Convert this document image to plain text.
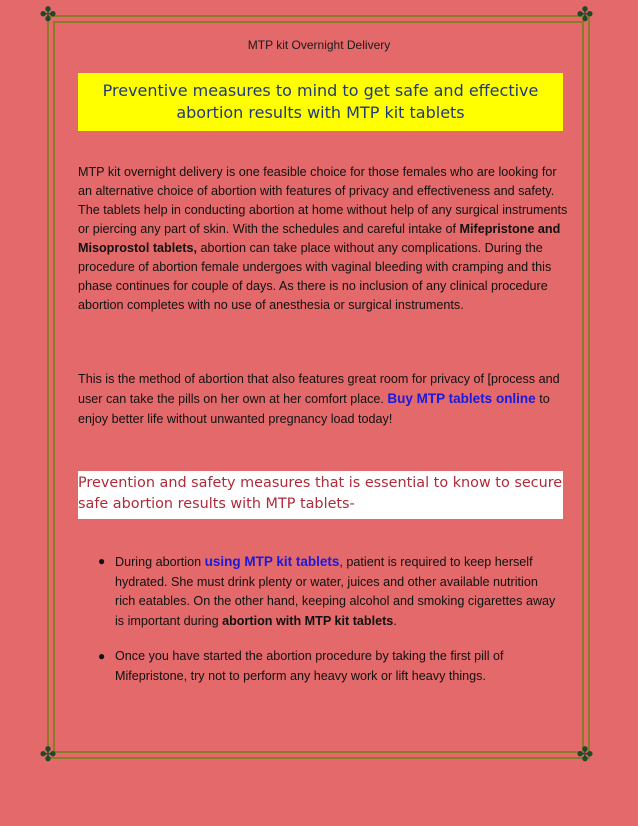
✤	✤
✤	✤
MTP kit Overnight Delivery
Preventive measures to mind to get safe and effective abortion results with MTP kit tablets
MTP kit overnight delivery is one feasible choice for those females who are looking for an alternative choice of abortion with features of privacy and effectiveness and safety. The tablets help in conducting abortion at home without help of any surgical instruments or piercing any part of skin. With the schedules and careful intake of Mifepristone and Misoprostol tablets, abortion can take place without any complications. During the procedure of abortion female undergoes with vaginal bleeding with cramping and this phase continues for couple of days. As there is no inclusion of any clinical procedure abortion completes with no use of anesthesia or surgical instruments.
This is the method of abortion that also features great room for privacy of [process and user can take the pills on her own at her comfort place. Buy MTP tablets online to enjoy better life without unwanted pregnancy load today!
Prevention and safety measures that is essential to know to secure safe abortion results with MTP tablets-
● During abortion using MTP kit tablets, patient is required to keep herself hydrated. She must drink plenty or water, juices and other available nutrition rich eatables. On the other hand, keeping alcohol and smoking cigarettes away is important during abortion with MTP kit tablets.
● Once you have started the abortion procedure by taking the first pill of Mifepristone, try not to perform any heavy work or lift heavy things.
